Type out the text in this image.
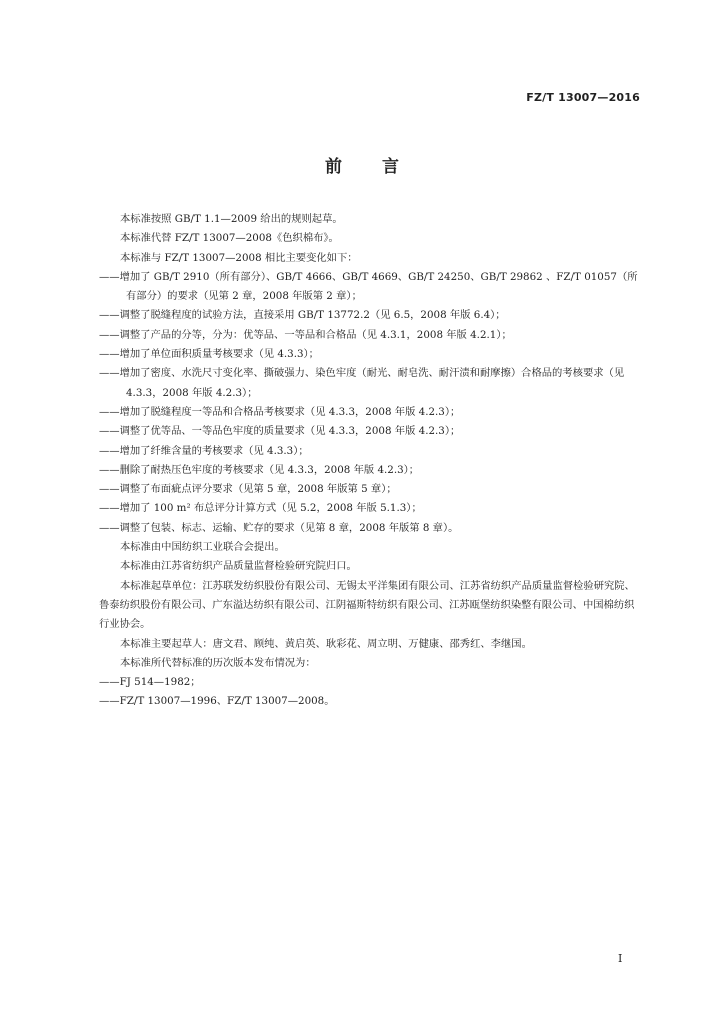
FZ/T 13007—2016
前 言

本标准按照 GB/T 1.1—2009 给出的规则起草。

本标准代替 FZ/T 13007—2008《色织棉布》。

本标准与 FZ/T 13007—2008 相比主要变化如下：

——增加了 GB/T 2910（所有部分）、GB/T 4666、GB/T 4669、GB/T 24250、GB/T 29862 、FZ/T 01057（所有部分）的要求（见第 2 章，2008 年版第 2 章）；

——调整了脱缝程度的试验方法，直接采用 GB/T 13772.2（见 6.5，2008 年版 6.4）；

——调整了产品的分等，分为：优等品、一等品和合格品（见 4.3.1，2008 年版 4.2.1）；

——增加了单位面积质量考核要求（见 4.3.3）；

——增加了密度、水洗尺寸变化率、撕破强力、染色牢度（耐光、耐皂洗、耐汗渍和耐摩擦）合格品的考核要求（见 4.3.3，2008 年版 4.2.3）；

——增加了脱缝程度一等品和合格品考核要求（见 4.3.3，2008 年版 4.2.3）；

——调整了优等品、一等品色牢度的质量要求（见 4.3.3，2008 年版 4.2.3）；

——增加了纤维含量的考核要求（见 4.3.3）；

——删除了耐热压色牢度的考核要求（见 4.3.3，2008 年版 4.2.3）；

——调整了布面疵点评分要求（见第 5 章，2008 年版第 5 章）；

——增加了 100 m² 布总评分计算方式（见 5.2，2008 年版 5.1.3）；

——调整了包装、标志、运输、贮存的要求（见第 8 章，2008 年版第 8 章）。

本标准由中国纺织工业联合会提出。

本标准由江苏省纺织产品质量监督检验研究院归口。

本标准起草单位：江苏联发纺织股份有限公司、无锡太平洋集团有限公司、江苏省纺织产品质量监督检验研究院、鲁泰纺织股份有限公司、广东溢达纺织有限公司、江阴福斯特纺织有限公司、江苏瓯堡纺织染整有限公司、中国棉纺织行业协会。

本标准主要起草人：唐文君、顾纯、黄启英、耿彩花、周立明、万健康、邵秀红、李继国。

本标准所代替标准的历次版本发布情况为：

——FJ 514—1982；

——FZ/T 13007—1996、FZ/T 13007—2008。

I
